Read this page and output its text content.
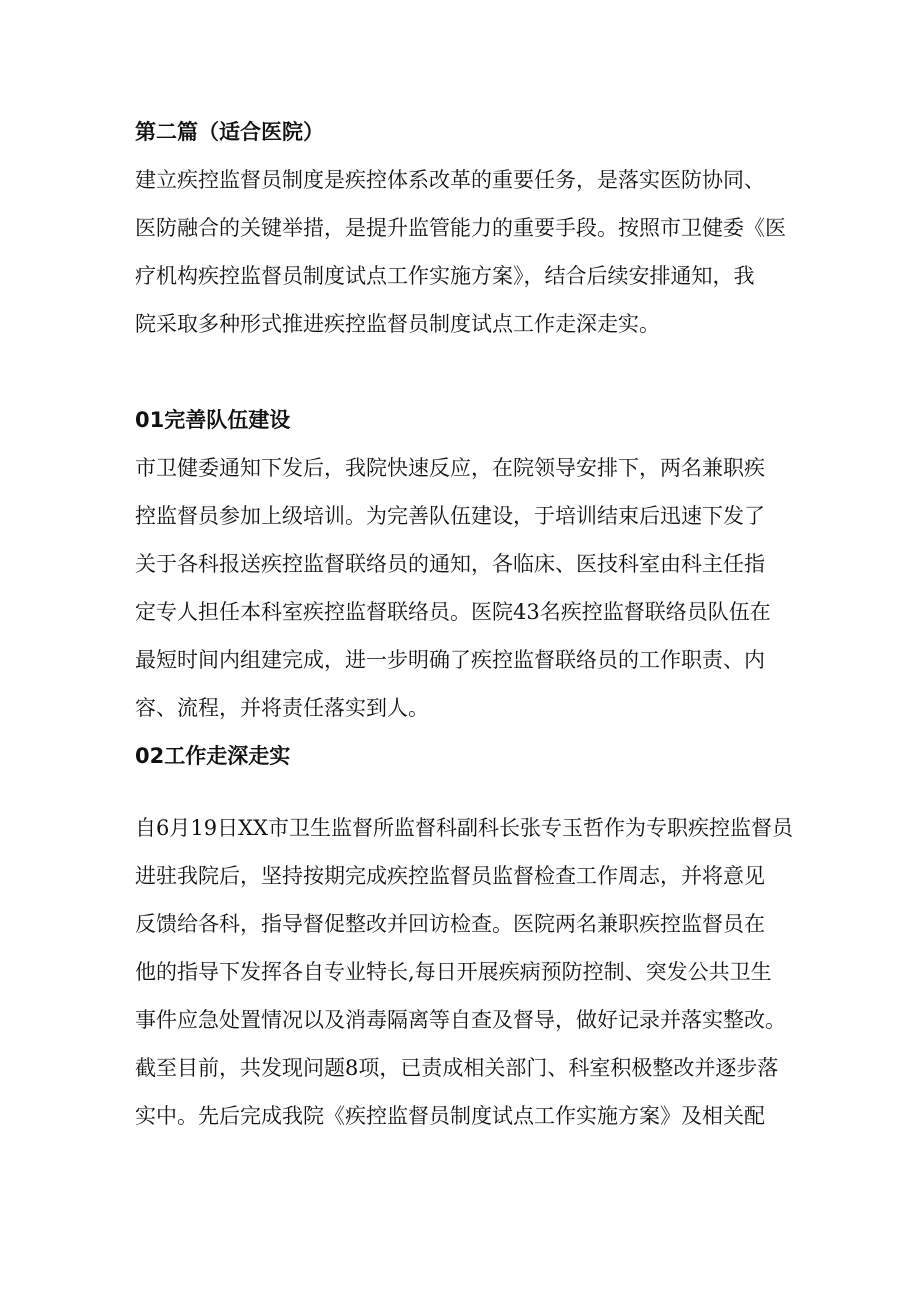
第二篇（适合医院）
建立疾控监督员制度是疾控体系改革的重要任务，是落实医防协同、
医防融合的关键举措，是提升监管能力的重要手段。按照市卫健委《医
疗机构疾控监督员制度试点工作实施方案》，结合后续安排通知，我
院采取多种形式推进疾控监督员制度试点工作走深走实。
01完善队伍建设
市卫健委通知下发后，我院快速反应，在院领导安排下，两名兼职疾
控监督员参加上级培训。为完善队伍建设，于培训结束后迅速下发了
关于各科报送疾控监督联络员的通知，各临床、医技科室由科主任指
定专人担任本科室疾控监督联络员。医院43名疾控监督联络员队伍在
最短时间内组建完成，进一步明确了疾控监督联络员的工作职责、内
容、流程，并将责任落实到人。
02工作走深走实
自6月19日XX市卫生监督所监督科副科长张专玉哲作为专职疾控监督员
进驻我院后，坚持按期完成疾控监督员监督检查工作周志，并将意见
反馈给各科，指导督促整改并回访检查。医院两名兼职疾控监督员在
他的指导下发挥各自专业特长,每日开展疾病预防控制、突发公共卫生
事件应急处置情况以及消毒隔离等自查及督导，做好记录并落实整改。
截至目前，共发现问题8项，已责成相关部门、科室积极整改并逐步落
实中。先后完成我院《疾控监督员制度试点工作实施方案》及相关配
